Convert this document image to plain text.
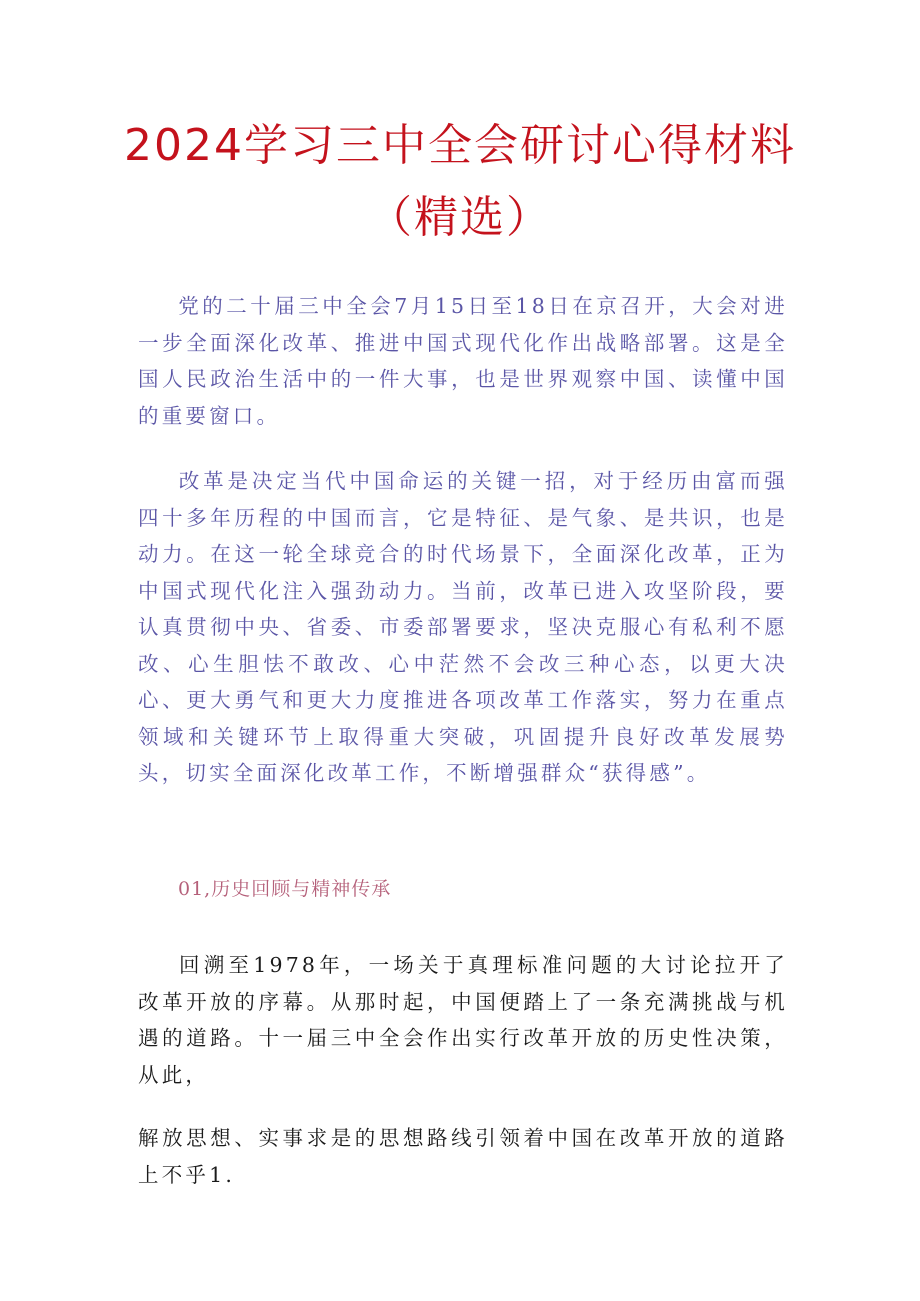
2024学习三中全会研讨心得材料
（精选）

党的二十届三中全会7月15日至18日在京召开，大会对进一步全面深化改革、推进中国式现代化作出战略部署。这是全国人民政治生活中的一件大事，也是世界观察中国、读懂中国的重要窗口。

改革是决定当代中国命运的关键一招，对于经历由富而强四十多年历程的中国而言，它是特征、是气象、是共识，也是动力。在这一轮全球竞合的时代场景下，全面深化改革，正为中国式现代化注入强劲动力。当前，改革已进入攻坚阶段，要认真贯彻中央、省委、市委部署要求，坚决克服心有私利不愿改、心生胆怯不敢改、心中茫然不会改三种心态，以更大决心、更大勇气和更大力度推进各项改革工作落实，努力在重点领域和关键环节上取得重大突破，巩固提升良好改革发展势头，切实全面深化改革工作，不断增强群众“获得感”。

01,历史回顾与精神传承

回溯至1978年，一场关于真理标准问题的大讨论拉开了改革开放的序幕。从那时起，中国便踏上了一条充满挑战与机遇的道路。十一届三中全会作出实行改革开放的历史性决策，从此，

解放思想、实事求是的思想路线引领着中国在改革开放的道路上不乎1.
